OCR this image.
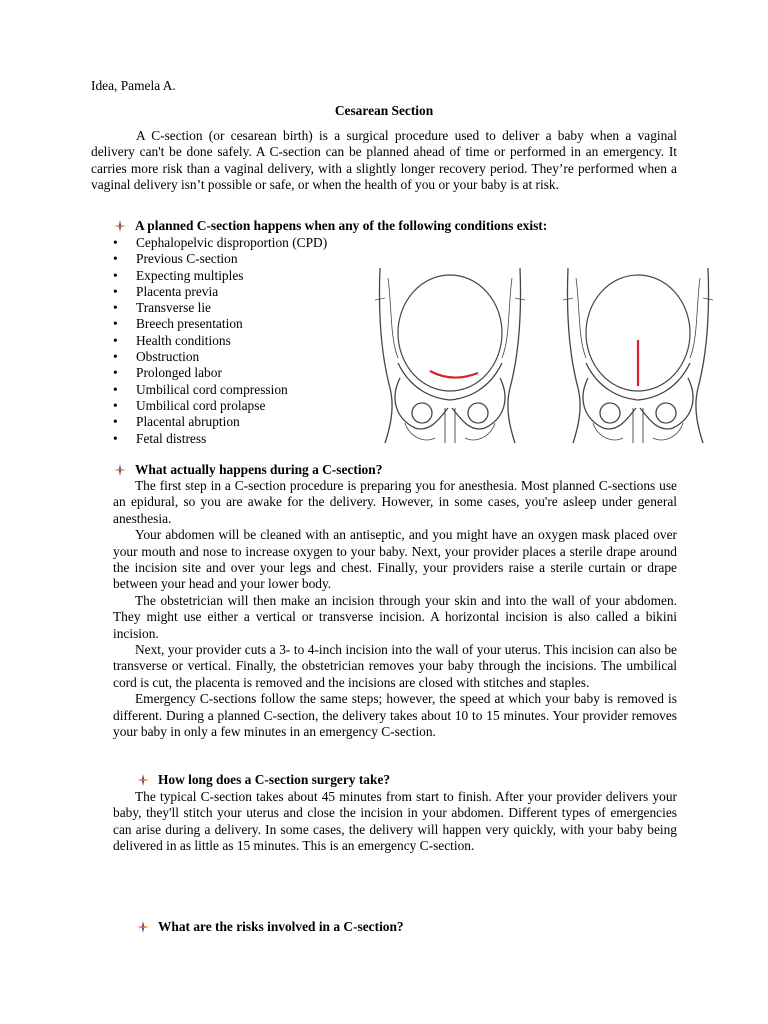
Idea, Pamela A.
Cesarean Section

A C-section (or cesarean birth) is a surgical procedure used to deliver a baby when a vaginal delivery can't be done safely. A C-section can be planned ahead of time or performed in an emergency. It carries more risk than a vaginal delivery, with a slightly longer recovery period. They’re performed when a vaginal delivery isn’t possible or safe, or when the health of you or your baby is at risk.

A planned C-section happens when any of the following conditions exist:
•	Cephalopelvic disproportion (CPD)
•	Previous C-section
•	Expecting multiples
•	Placenta previa
•	Transverse lie
•	Breech presentation
•	Health conditions
•	Obstruction
•	Prolonged labor
•	Umbilical cord compression
•	Umbilical cord prolapse
•	Placental abruption
•	Fetal distress
What actually happens during a C-section?

The first step in a C-section procedure is preparing you for anesthesia. Most planned C-sections use an epidural, so you are awake for the delivery. However, in some cases, you're asleep under general anesthesia.

Your abdomen will be cleaned with an antiseptic, and you might have an oxygen mask placed over your mouth and nose to increase oxygen to your baby. Next, your provider places a sterile drape around the incision site and over your legs and chest. Finally, your providers raise a sterile curtain or drape between your head and your lower body.

The obstetrician will then make an incision through your skin and into the wall of your abdomen. They might use either a vertical or transverse incision. A horizontal incision is also called a bikini incision.

Next, your provider cuts a 3- to 4-inch incision into the wall of your uterus. This incision can also be transverse or vertical. Finally, the obstetrician removes your baby through the incisions. The umbilical cord is cut, the placenta is removed and the incisions are closed with stitches and staples.

Emergency C-sections follow the same steps; however, the speed at which your baby is removed is different. During a planned C-section, the delivery takes about 10 to 15 minutes. Your provider removes your baby in only a few minutes in an emergency C-section.

How long does a C-section surgery take?

The typical C-section takes about 45 minutes from start to finish. After your provider delivers your baby, they'll stitch your uterus and close the incision in your abdomen. Different types of emergencies can arise during a delivery. In some cases, the delivery will happen very quickly, with your baby being delivered in as little as 15 minutes. This is an emergency C-section.

What are the risks involved in a C-section?
